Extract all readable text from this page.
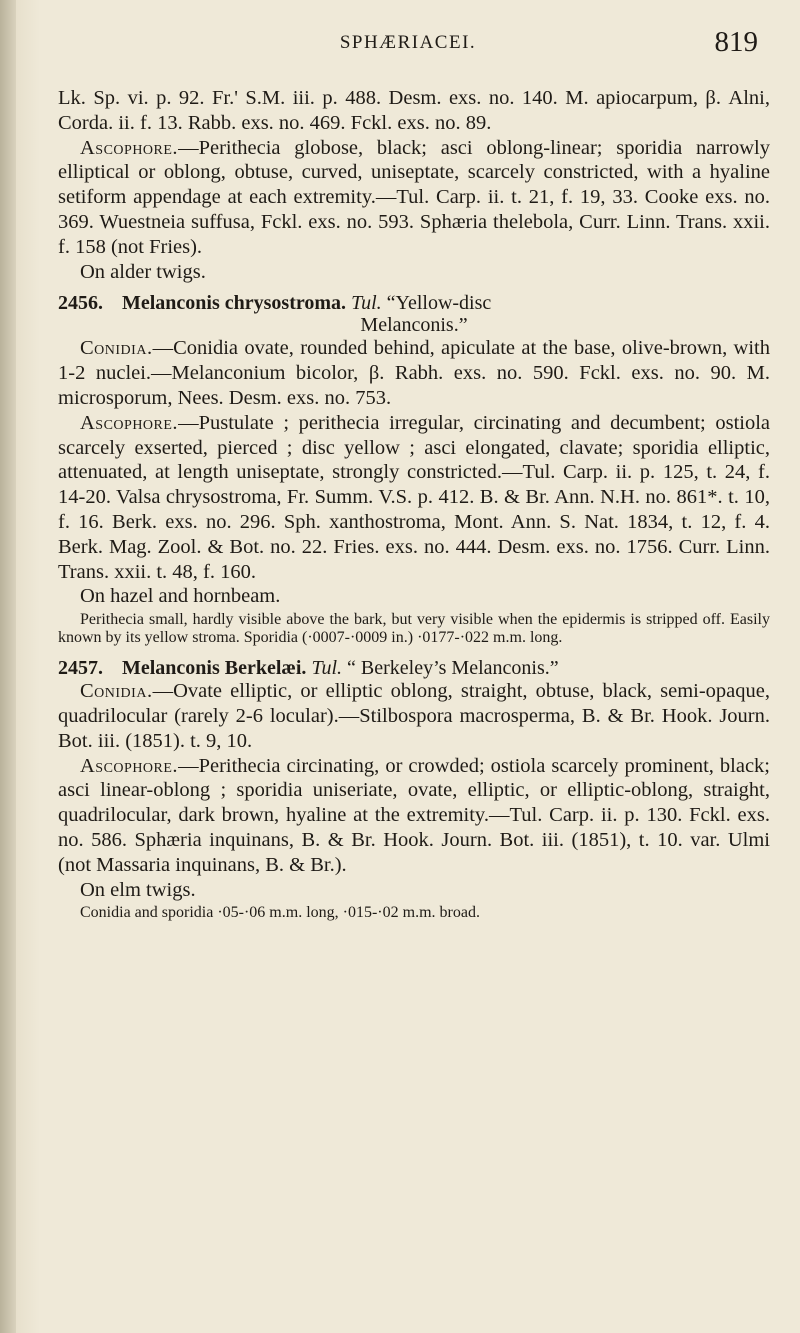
SPHÆRIACEI.	819

Lk. Sp. vi. p. 92. Fr.' S.M. iii. p. 488. Desm. exs. no. 140. M. apiocarpum, β. Alni, Corda. ii. f. 13. Rabb. exs. no. 469. Fckl. exs. no. 89.

Ascophore.—Perithecia globose, black; asci oblong-linear; sporidia narrowly elliptical or oblong, obtuse, curved, uniseptate, scarcely constricted, with a hyaline setiform appendage at each extremity.—Tul. Carp. ii. t. 21, f. 19, 33. Cooke exs. no. 369. Wuestneia suffusa, Fckl. exs. no. 593. Sphæria thelebola, Curr. Linn. Trans. xxii. f. 158 (not Fries).

On alder twigs.

2456. Melanconis chrysostroma. Tul. “Yellow-disc
Melanconis.”

Conidia.—Conidia ovate, rounded behind, apiculate at the base, olive-brown, with 1-2 nuclei.—Melanconium bicolor, β. Rabh. exs. no. 590. Fckl. exs. no. 90. M. microsporum, Nees. Desm. exs. no. 753.

Ascophore.—Pustulate ; perithecia irregular, circinating and decumbent; ostiola scarcely exserted, pierced ; disc yellow ; asci elongated, clavate; sporidia elliptic, attenuated, at length uniseptate, strongly constricted.—Tul. Carp. ii. p. 125, t. 24, f. 14-20. Valsa chrysostroma, Fr. Summ. V.S. p. 412. B. & Br. Ann. N.H. no. 861*. t. 10, f. 16. Berk. exs. no. 296. Sph. xanthostroma, Mont. Ann. S. Nat. 1834, t. 12, f. 4. Berk. Mag. Zool. & Bot. no. 22. Fries. exs. no. 444. Desm. exs. no. 1756. Curr. Linn. Trans. xxii. t. 48, f. 160.

On hazel and hornbeam.

Perithecia small, hardly visible above the bark, but very visible when the epidermis is stripped off. Easily known by its yellow stroma. Sporidia (·0007-·0009 in.) ·0177-·022 m.m. long.

2457. Melanconis Berkelæi. Tul. “ Berkeley’s Melanconis.”

Conidia.—Ovate elliptic, or elliptic oblong, straight, obtuse, black, semi-opaque, quadrilocular (rarely 2-6 locular).—Stilbospora macrosperma, B. & Br. Hook. Journ. Bot. iii. (1851). t. 9, 10.

Ascophore.—Perithecia circinating, or crowded; ostiola scarcely prominent, black; asci linear-oblong ; sporidia uniseriate, ovate, elliptic, or elliptic-oblong, straight, quadrilocular, dark brown, hyaline at the extremity.—Tul. Carp. ii. p. 130. Fckl. exs. no. 586. Sphæria inquinans, B. & Br. Hook. Journ. Bot. iii. (1851), t. 10. var. Ulmi (not Massaria inquinans, B. & Br.).

On elm twigs.

Conidia and sporidia ·05-·06 m.m. long, ·015-·02 m.m. broad.
